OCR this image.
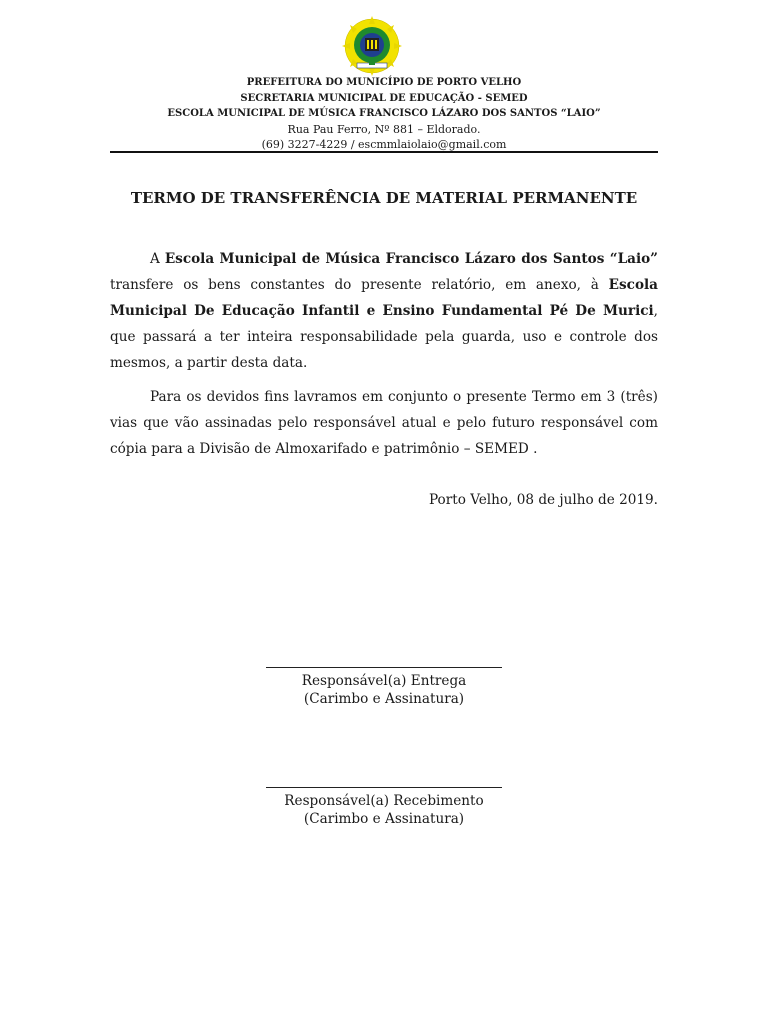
PREFEITURA DO MUNICÍPIO DE PORTO VELHO
SECRETARIA MUNICIPAL DE EDUCAÇÃO - SEMED
ESCOLA MUNICIPAL DE MÚSICA FRANCISCO LÁZARO DOS SANTOS “LAIO”
Rua Pau Ferro, Nº 881 – Eldorado.
(69) 3227-4229 / escmmlaiolaio@gmail.com
TERMO DE TRANSFERÊNCIA DE MATERIAL PERMANENTE

A Escola Municipal de Música Francisco Lázaro dos Santos “Laio” transfere os bens constantes do presente relatório, em anexo, à Escola Municipal De Educação Infantil e Ensino Fundamental Pé De Murici, que passará a ter inteira responsabilidade pela guarda, uso e controle dos mesmos, a partir desta data.

Para os devidos fins lavramos em conjunto o presente Termo em 3 (três) vias que vão assinadas pelo responsável atual e pelo futuro responsável com cópia para a Divisão de Almoxarifado e patrimônio – SEMED .

Porto Velho, 08 de julho de 2019.
Responsável(a) Entrega
(Carimbo e Assinatura)
Responsável(a) Recebimento
(Carimbo e Assinatura)
